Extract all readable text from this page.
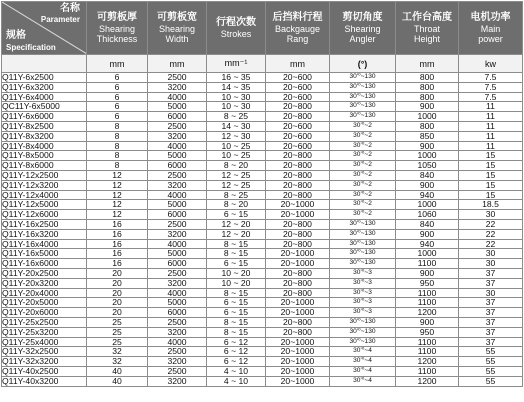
名称
Parameter
规格
Specification	可剪板厚
Shearing
Thickness	可剪板宽
Shearing
Width	行程次数
Strokes	后挡料行程
Backgauge
Rang	剪切角度
Shearing
Angler	工作台高度
Throat
Height	电机功率
Main
power

	mm	mm	mm⁻¹	mm	(°)	mm	kw
Q11Y-6x2500	6	2500	16 ~ 35	20~600	30'⁰~130	800	7.5
Q11Y-6x3200	6	3200	14 ~ 35	20~600	30'⁰~130	800	7.5
Q11Y-6x4000	6	4000	10 ~ 30	20~600	30'⁰~130	800	7.5
QC11Y-6x5000	6	5000	10 ~ 30	20~800	30'⁰~130	900	11
Q11Y-6x6000	6	6000	8 ~ 25	20~800	30'⁰~130	1000	11
Q11Y-8x2500	8	2500	14 ~ 30	20~600	30'⁰~2	800	11
Q11Y-8x3200	8	3200	12 ~ 30	20~600	30'⁰~2	850	11
Q11Y-8x4000	8	4000	10 ~ 25	20~600	30'⁰~2	900	11
Q11Y-8x5000	8	5000	10 ~ 25	20~800	30'⁰~2	1000	15
Q11Y-8x6000	8	6000	8 ~ 20	20~800	30'⁰~2	1050	15
Q11Y-12x2500	12	2500	12 ~ 25	20~800	30'⁰~2	840	15
Q11Y-12x3200	12	3200	12 ~ 25	20~800	30'⁰~2	900	15
Q11Y-12x4000	12	4000	8 ~ 25	20~800	30'⁰~2	940	15
Q11Y-12x5000	12	5000	8 ~ 20	20~1000	30'⁰~2	1000	18.5
Q11Y-12x6000	12	6000	6 ~ 15	20~1000	30'⁰~2	1060	30
Q11Y-16x2500	16	2500	12 ~ 20	20~800	30'⁰~130	840	22
Q11Y-16x3200	16	3200	12 ~ 20	20~800	30'⁰~130	900	22
Q11Y-16x4000	16	4000	8 ~ 15	20~800	30'⁰~130	940	22
Q11Y-16x5000	16	5000	8 ~ 15	20~1000	30'⁰~130	1000	30
Q11Y-16x6000	16	6000	6 ~ 15	20~1000	30'⁰~130	1100	30
Q11Y-20x2500	20	2500	10 ~ 20	20~800	30'⁰~3	900	37
Q11Y-20x3200	20	3200	10 ~ 20	20~800	30'⁰~3	950	37
Q11Y-20x4000	20	4000	8 ~ 15	20~800	30'⁰~3	1100	30
Q11Y-20x5000	20	5000	6 ~ 15	20~1000	30'⁰~3	1100	37
Q11Y-20x6000	20	6000	6 ~ 15	20~1000	30'⁰~3	1200	37
Q11Y-25x2500	25	2500	8 ~ 15	20~800	30'⁰~130	900	37
Q11Y-25x3200	25	3200	8 ~ 15	20~800	30'⁰~130	950	37
Q11Y-25x4000	25	4000	6 ~ 12	20~1000	30'⁰~130	1100	37
Q11Y-32x2500	32	2500	6 ~ 12	20~1000	30'⁰~4	1100	55
Q11Y-32x3200	32	3200	6 ~ 12	20~1000	30'⁰~4	1200	55
Q11Y-40x2500	40	2500	4 ~ 10	20~1000	30'⁰~4	1100	55
Q11Y-40x3200	40	3200	4 ~ 10	20~1000	30'⁰~4	1200	55
